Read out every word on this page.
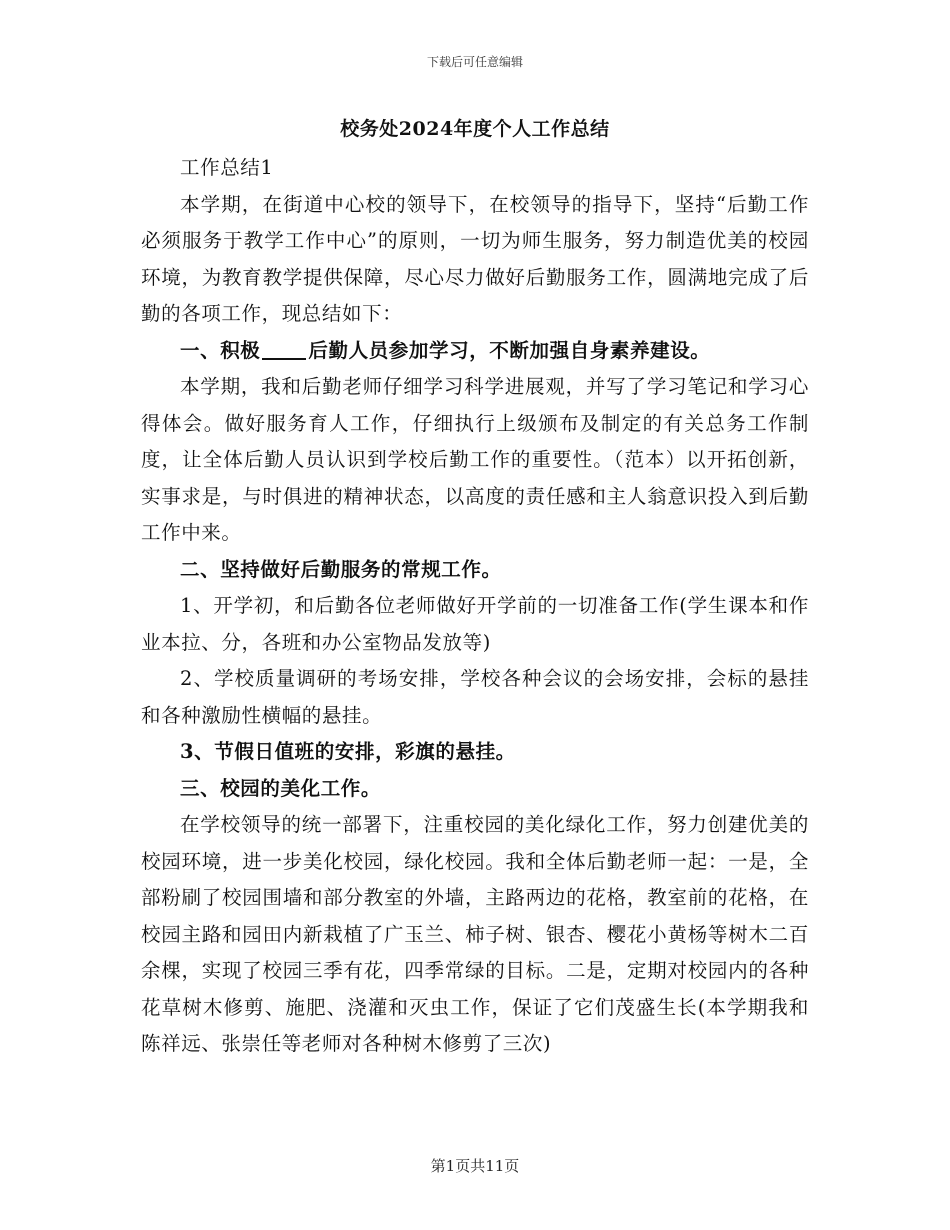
下载后可任意编辑
校务处2024年度个人工作总结

工作总结1

本学期，在街道中心校的领导下，在校领导的指导下，坚持“后勤工作必须服务于教学工作中心”的原则，一切为师生服务，努力制造优美的校园环境，为教育教学提供保障，尽心尽力做好后勤服务工作，圆满地完成了后勤的各项工作，现总结如下：

一、积极 后勤人员参加学习，不断加强自身素养建设。

本学期，我和后勤老师仔细学习科学进展观，并写了学习笔记和学习心得体会。做好服务育人工作，仔细执行上级颁布及制定的有关总务工作制度，让全体后勤人员认识到学校后勤工作的重要性。（范本）以开拓创新，实事求是，与时俱进的精神状态，以高度的责任感和主人翁意识投入到后勤工作中来。

二、坚持做好后勤服务的常规工作。

1、开学初，和后勤各位老师做好开学前的一切准备工作(学生课本和作业本拉、分，各班和办公室物品发放等)

2、学校质量调研的考场安排，学校各种会议的会场安排，会标的悬挂和各种激励性横幅的悬挂。

3、节假日值班的安排，彩旗的悬挂。

三、校园的美化工作。

在学校领导的统一部署下，注重校园的美化绿化工作，努力创建优美的校园环境，进一步美化校园，绿化校园。我和全体后勤老师一起：一是，全部粉刷了校园围墙和部分教室的外墙，主路两边的花格，教室前的花格，在校园主路和园田内新栽植了广玉兰、柿子树、银杏、樱花小黄杨等树木二百余棵，实现了校园三季有花，四季常绿的目标。二是，定期对校园内的各种花草树木修剪、施肥、浇灌和灭虫工作，保证了它们茂盛生长(本学期我和陈祥远、张崇任等老师对各种树木修剪了三次)

第1页共11页
